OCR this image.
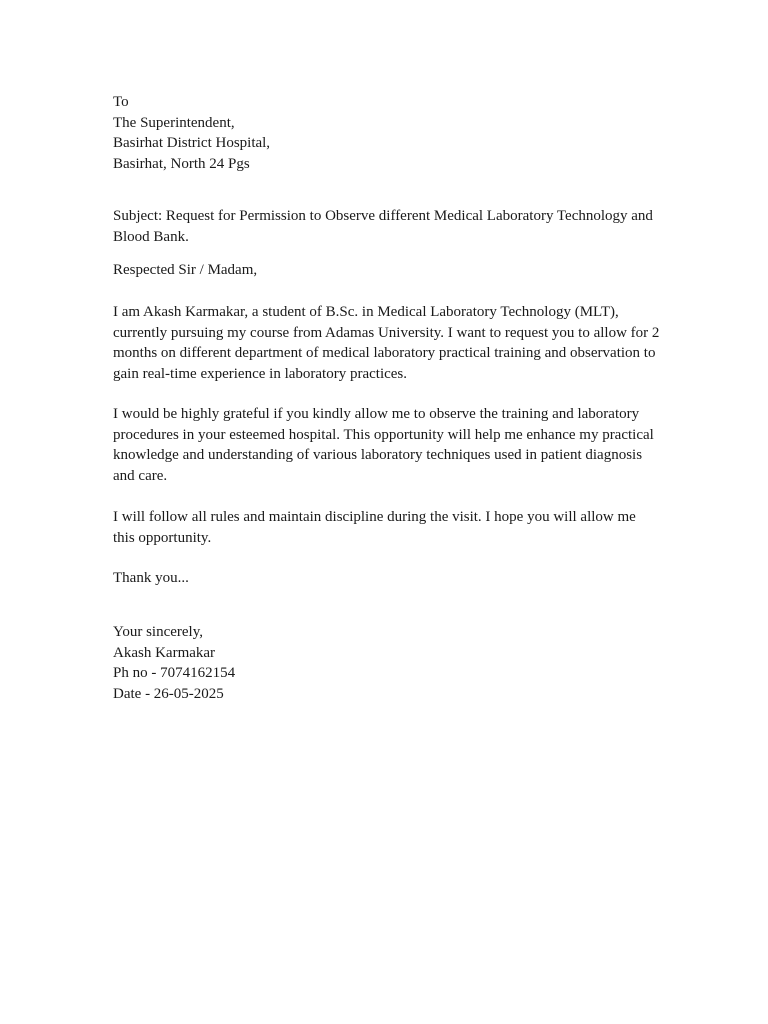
To
The Superintendent,
Basirhat District Hospital,
Basirhat, North 24 Pgs
Subject: Request for Permission to Observe different Medical Laboratory Technology and Blood Bank.
Respected Sir / Madam,
I am Akash Karmakar, a student of B.Sc. in Medical Laboratory Technology (MLT), currently pursuing my course from Adamas University. I want to request you to allow for 2 months on different department of medical laboratory practical training and observation to gain real-time experience in laboratory practices.
I would be highly grateful if you kindly allow me to observe the training and laboratory procedures in your esteemed hospital. This opportunity will help me enhance my practical knowledge and understanding of various laboratory techniques used in patient diagnosis and care.
I will follow all rules and maintain discipline during the visit. I hope you will allow me this opportunity.
Thank you...
Your sincerely,
Akash Karmakar
Ph no - 7074162154
Date - 26-05-2025
